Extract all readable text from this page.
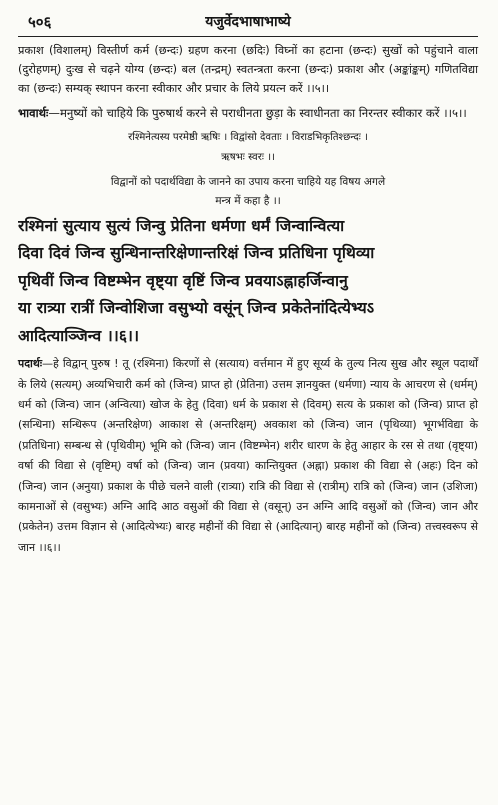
५०६	यजुर्वेदभाषाभाष्ये

प्रकाश (विशालम्) विस्तीर्ण कर्म (छन्दः) ग्रहण करना (छदिः) विघ्नों का हटाना (छन्दः) सुखों को पहुंचाने वाला (दुरोहणम्) दुःख से चढ़ने योग्य (छन्दः) बल (तन्द्रम्) स्वतन्त्रता करना (छन्दः) प्रकाश और (अङ्कांङ्कम्) गणितविद्या का (छन्दः) सम्यक् स्थापन करना स्वीकार और प्रचार के लिये प्रयत्न करें ।।५।।

भावार्थः—मनुष्यों को चाहिये कि पुरुषार्थ करने से पराधीनता छुड़ा के स्वाधीनता का निरन्तर स्वीकार करें ।।५।।

रश्मिनेत्यस्य परमेष्ठी ऋषिः । विद्वांसो देवताः । विराडभिकृतिश्छन्दः ।
ऋषभः स्वरः ।।
विद्वानों को पदार्थविद्या के जानने का उपाय करना चाहिये यह विषय अगले
मन्त्र में कहा है ।।
रश्मिनां सुत्याय सुत्यं जिन्वु प्रेतिना धर्मणा धर्मं जिन्वान्वित्या
दिवा दिवं जिन्व सुन्धिनान्तरिक्षेणान्तरिक्षं जिन्व प्रतिधिना पृथिव्या
पृथिवीं जिन्व विष्टम्भेन वृष्ट्या वृष्टिं जिन्व प्रवयाऽह्नाहर्जिन्वानु
या रात्र्या रात्रीं जिन्वोशिजा वसुभ्यो वसूंन् जिन्व प्रकेतेनांदित्येभ्यऽ
आदित्याञ्जिन्व ।।६।।

पदार्थः—हे विद्वान् पुरुष ! तू (रश्मिना) किरणों से (सत्याय) वर्त्तमान में हुए सूर्य्य के तुल्य नित्य सुख और स्थूल पदार्थों के लिये (सत्यम्) अव्यभिचारी कर्म को (जिन्व) प्राप्त हो (प्रेतिना) उत्तम ज्ञानयुक्त (धर्मणा) न्याय के आचरण से (धर्मम्) धर्म को (जिन्व) जान (अन्वित्या) खोज के हेतु (दिवा) धर्म के प्रकाश से (दिवम्) सत्य के प्रकाश को (जिन्व) प्राप्त हो (सन्धिना) सन्धिरूप (अन्तरिक्षेण) आकाश से (अन्तरिक्षम्) अवकाश को (जिन्व) जान (पृथिव्या) भूगर्भविद्या के (प्रतिधिना) सम्बन्ध से (पृथिवीम्) भूमि को (जिन्व) जान (विष्टम्भेन) शरीर धारण के हेतु आहार के रस से तथा (वृष्ट्या) वर्षा की विद्या से (वृष्टिम्) वर्षा को (जिन्व) जान (प्रवया) कान्तियुक्त (अह्ना) प्रकाश की विद्या से (अहः) दिन को (जिन्व) जान (अनुया) प्रकाश के पीछे चलने वाली (रात्र्या) रात्रि की विद्या से (रात्रीम्) रात्रि को (जिन्व) जान (उशिजा) कामनाओं से (वसुभ्यः) अग्नि आदि आठ वसुओं की विद्या से (वसून्) उन अग्नि आदि वसुओं को (जिन्व) जान और (प्रकेतेन) उत्तम विज्ञान से (आदित्येभ्यः) बारह महीनों की विद्या से (आदित्यान्) बारह महीनों को (जिन्व) तत्त्वस्वरूप से जान ।।६।।
